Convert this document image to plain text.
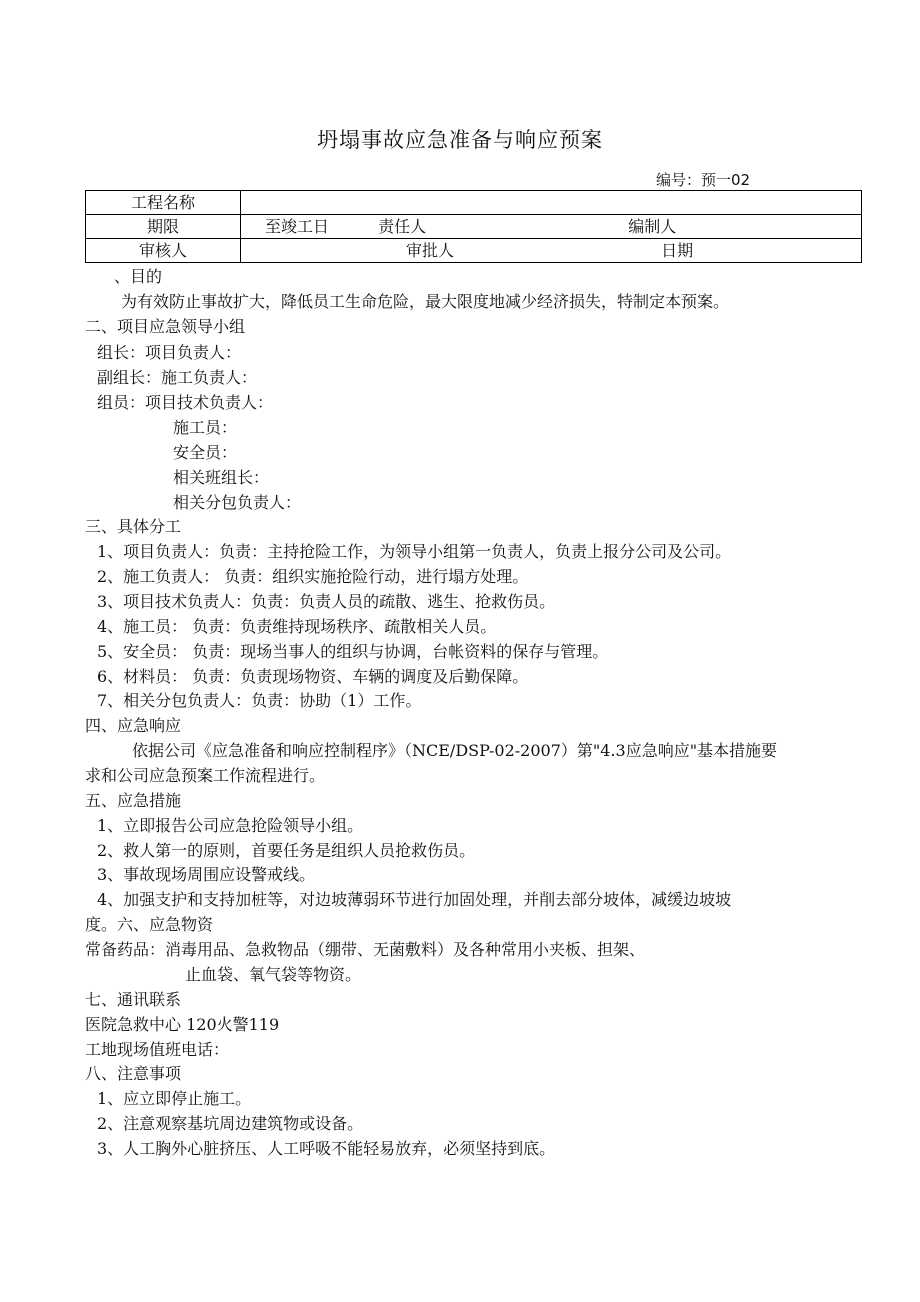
坍塌事故应急准备与响应预案
编号：预一02
工程名称	
期限	至竣工日 责任人 编制人
审核人	审批人 日期
、目的
为有效防止事故扩大，降低员工生命危险，最大限度地减少经济损失，特制定本预案。
二、项目应急领导小组
组长：项目负责人：
副组长：施工负责人：
组员：项目技术负责人：
施工员：
安全员：
相关班组长：
相关分包负责人：
三、具体分工
1、项目负责人：负责：主持抢险工作，为领导小组第一负责人，负责上报分公司及公司。
2、施工负责人： 负责：组织实施抢险行动，进行塌方处理。
3、项目技术负责人：负责：负责人员的疏散、逃生、抢救伤员。
4、施工员： 负责：负责维持现场秩序、疏散相关人员。
5、安全员： 负责：现场当事人的组织与协调，台帐资料的保存与管理。
6、材料员： 负责：负责现场物资、车辆的调度及后勤保障。
7、相关分包负责人：负责：协助（1）工作。
四、应急响应
依据公司《应急准备和响应控制程序》（NCE/DSP-02-2007）第"4.3应急响应"基本措施要
求和公司应急预案工作流程进行。
五、应急措施
1、立即报告公司应急抢险领导小组。
2、救人第一的原则，首要任务是组织人员抢救伤员。
3、事故现场周围应设警戒线。
4、加强支护和支持加桩等，对边坡薄弱环节进行加固处理，并削去部分坡体，减缓边坡坡
度。六、应急物资
常备药品：消毒用品、急救物品（绷带、无菌敷料）及各种常用小夹板、担架、
止血袋、氧气袋等物资。
七、通讯联系
医院急救中心 120火警119
工地现场值班电话：
八、注意事项
1、应立即停止施工。
2、注意观察基坑周边建筑物或设备。
3、人工胸外心脏挤压、人工呼吸不能轻易放弃，必须坚持到底。
